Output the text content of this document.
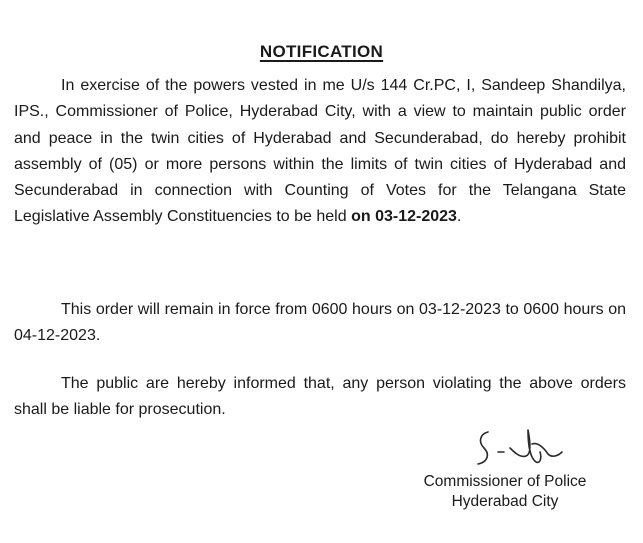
NOTIFICATION

In exercise of the powers vested in me U/s 144 Cr.PC, I, Sandeep Shandilya, IPS., Commissioner of Police, Hyderabad City, with a view to maintain public order and peace in the twin cities of Hyderabad and Secunderabad, do hereby prohibit assembly of (05) or more persons within the limits of twin cities of Hyderabad and Secunderabad in connection with Counting of Votes for the Telangana State Legislative Assembly Constituencies to be held on 03-12-2023.

This order will remain in force from 0600 hours on 03-12-2023 to 0600 hours on 04-12-2023.

The public are hereby informed that, any person violating the above orders shall be liable for prosecution.

Commissioner of Police
Hyderabad City
